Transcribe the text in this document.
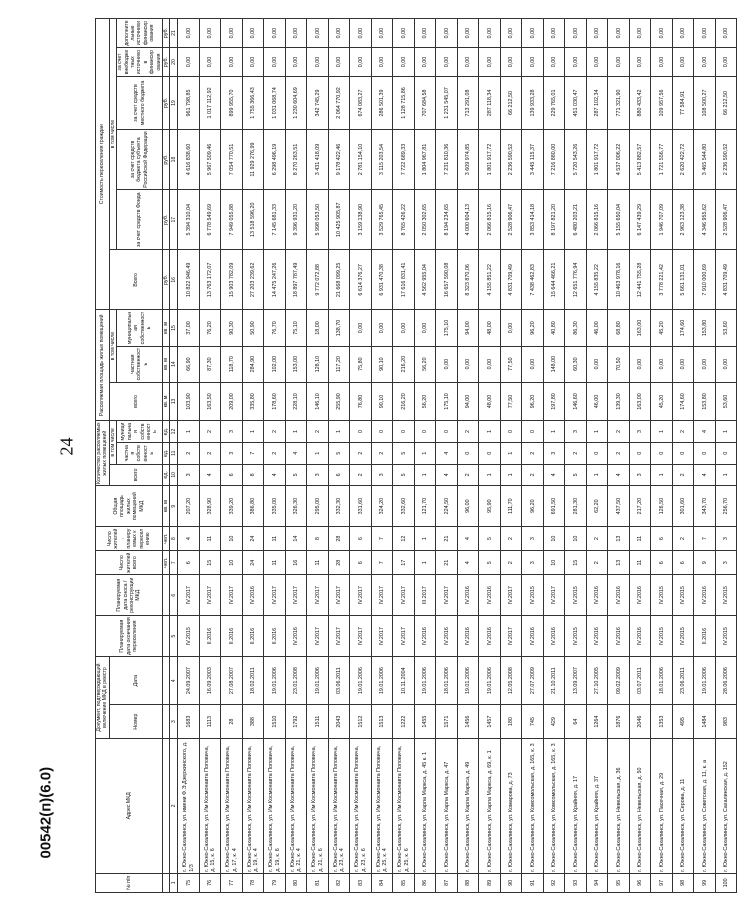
24
00542(п)(6.0)
№ п/п	Адрес МКД	Документ, подтверждающий включение МКД в реестр		Планируемая дата окончания переселения	Планируемая дата сноса / реконструкции МКД	Число жителей всего	Число жителей, планируемых к переселению	Общая площадь жилых помещений МКД	Количество расселяемых жилых помещений			Расселяемая площадь жилых помещений			Стоимость переселения граждан					
		Номер	Дата						всего	в том числе		всего	в том числе		Всего	в том числе				
										частная собственность	муниципальная собственность		частная собственность	муниципальная собственность		за счет средств Фонда	за счет средств бюджета субъекта Российской Федерации	за счет средств местного бюджета	за счет внебюджетных источников финансирования	дополнительные источники финансирования
						чел.	чел.	кв. м	ед.	ед.	ед.	кв. м	кв. м	кв. м	руб.	руб.	руб.	руб.	руб.	руб.
1	2	3	4	5	6	7	8	9	10	11	12	13	14	15	16	17	18	19	20	21
75	г. Южно-Сахалинск, ул. имени Ф.Э.Дзержинского, д. 1/3	1683	24.09.2007	IV.2015	IV.2017	6	4	207,20	3	2	1	103,90	66,90	37,00	10 822 946,49	5 394 310,04	4 616 838,60	961 798,85	0,00	0,00
76	г. Южно-Сахалинск, ул. Им Космонавта Поповича, д. 15, к. 6	1113	16.09.2003	II.2016	IV.2017	15	11	328,90	4	2	2	163,50	87,30	76,20	13 763 172,07	6 778 549,69	5 967 509,46	1 017 112,92	0,00	0,00
77	г. Южно-Сахалинск, ул. Им Космонавта Поповича, д. 17, к. 4	28	27.08.2007	II.2016	IV.2017	10	10	339,20	6	3	3	209,00	118,70	90,30	15 903 782,09	7 949 055,88	7 054 770,51	899 955,70	0,00	0,00
78	г. Южно-Сахалинск, ул. Им Космонавта Поповича, д. 19, к. 4	388	18.02.2011	II.2016	IV.2016	24	24	386,80	8	7	1	335,80	284,90	50,90	27 203 239,62	13 518 596,20	11 929 276,99	1 755 366,43	0,00	0,00
79	г. Южно-Сахалинск, ул. Им Космонавта Поповича, д. 19, к. 6	1510	19.01.2006	II.2016	IV.2017	11	11	335,00	4	2	2	178,60	102,00	76,70	14 475 247,26	7 145 681,33	6 298 496,19	1 031 068,74	0,00	0,00
80	г. Южно-Сахалинск, ул. Им Космонавта Поповича, д. 21, к. 4	1792	23.01.2008	IV.2016	IV.2017	16	14	326,30	5	4	1	228,10	153,00	75,10	18 897 787,49	9 396 931,20	8 270 263,51	1 230 604,69	0,00	0,00
81	г. Южно-Сахалинск, ул. Им Космонавта Поповича, д. 21, к. 6	1511	19.01.2006	IV.2017	IV.2017	11	8	295,00	3	1	2	146,10	128,10	18,00	9 772 072,88	5 998 053,50	3 431 418,09	342 745,29	0,00	0,00
82	г. Южно-Сахалинск, ул. Им Космонавта Поповича, д. 23, к. 4	2043	03.06.2011	IV.2017	IV.2017	28	28	332,30	6	5	1	255,90	117,20	138,70	21 668 099,25	10 425 905,87	9 178 422,46	2 064 770,92	0,00	0,00
83	г. Южно-Сахалинск, ул. Им Космонавта Поповича, д. 23, к. 6	1512	19.01.2006	IV.2017	IV.2017	6	6	331,60	2	2	0	76,80	75,80	0,00	6 614 376,27	3 159 138,90	2 781 154,10	674 083,27	0,00	0,00
84	г. Южно-Сахалинск, ул. Им Космонавта Поповича, д. 25, к. 4	1513	19.01.2006	IV.2017	IV.2017	7	7	324,20	3	2	0	90,10	90,10	0,00	6 931 470,38	3 529 765,45	3 115 203,54	286 501,39	0,00	0,00
85	г. Южно-Сахалинск, ул. Им Космонавта Поповича, д. 25, к. 6	1222	10.11.2004	IV.2017	IV.2017	17	12	332,60	5	5	0	216,20	216,20	0,00	17 616 831,41	8 765 426,22	7 722 689,33	1 128 715,86	0,00	0,00
86	г. Южно-Сахалинск, ул. Карла Маркса, д. 45 к. 1	1455	19.01.2006	IV.2016	III.2017	1	1	121,70	1	1	0	56,20	56,20	0,00	4 562 955,04	2 050 302,65	1 804 967,81	707 684,58	0,00	0,00
87	г. Южно-Сахалинск, ул. Карла Маркса, д. 47	1571	18.01.2006	IV.2016	IV.2017	21	21	224,50	4	4	0	175,10	0,00	175,10	16 657 590,08	8 194 234,65	7 231 810,36	1 231 545,07	0,00	0,00
88	г. Южно-Сахалинск, ул. Карла Маркса, д. 49	1456	19.01.2006	IV.2016	IV.2016	4	4	96,00	2	0	2	94,00	0,00	94,00	8 323 870,06	4 000 604,13	3 609 974,85	713 291,08	0,00	0,00
89	г. Южно-Сахалинск, ул. Карла Маркса, д. 69, к. 1	1457	19.01.2006	IV.2016	IV.2016	5	5	95,90	1	0	1	48,00	0,00	48,00	4 155 851,22	2 066 815,16	1 801 917,72	287 118,34	0,00	0,00
90	г. Южно-Сахалинск, ул. Комарова, д. 73	180	12.05.2008	IV.2017	IV.2017	2	2	111,70	1	1	0	77,50	77,50	0,00	4 831 709,49	2 528 906,47	2 236 590,52	66 212,50	0,00	0,00
91	г. Южно-Сахалинск, ул. Комсомольская, д. 165, к. 3	745	27.07.2009	IV.2016	IV.2015	3	3	96,20	2	2	0	96,20	0,00	96,20	7 438 462,83	3 853 414,18	3 445 115,37	139 933,28	0,00	0,00
92	г. Южно-Сахалинск, ул. Комсомольская, д. 165, к. 3	429	21.10.2011	IV.2016	IV.2017	10	10	691,50	4	3	1	197,80	148,00	40,80	15 644 466,21	8 197 821,20	7 216 880,00	229 765,01	0,00	0,00
93	г. Южно-Сахалинск, ул. Крайняя, д. 17	64	13.09.2007	IV.2015	IV.2015	15	10	281,30	5	2	3	146,60	60,30	86,30	12 651 776,94	6 480 203,21	5 720 543,26	451 030,47	0,00	0,00
94	г. Южно-Сахалинск, ул. Крайняя, д. 37	1264	27.10.2005	IV.2016	IV.2016	2	2	62,20	1	0	1	46,00	0,00	46,00	4 155 835,22	2 066 815,16	1 801 917,72	287 102,34	0,00	0,00
95	г. Южно-Сахалинск, ул. Невельская, д. 36	1876	09.02.2009	IV.2016	IV.2016	13	13	437,50	4	2	2	139,30	70,50	68,80	10 463 978,16	5 155 650,04	4 537 006,22	771 321,90	0,00	0,00
96	г. Южно-Сахалинск, ул. Невельская, д. 50	2046	03.07.2011	IV.2016	IV.2016	11	11	217,20	3	0	3	163,00	0,00	163,00	12 441 755,28	6 147 439,29	5 413 882,57	880 433,42	0,00	0,00
97	г. Южно-Сахалинск, ул. Пасечная, д. 29	1353	18.01.2006	IV.2015	IV.2015	6	6	126,50	1	0	1	45,20	0,00	45,20	3 778 221,42	1 946 707,09	1 721 556,77	109 957,56	0,00	0,00
98	г. Южно-Сахалинск, ул. Серова, д. 11	495	23.06.2011	IV.2015	IV.2015	6	2	301,60	2	0	2	174,60	0,00	174,60	5 661 131,01	2 963 123,38	2 620 422,72	77 584,91	0,00	0,00
99	г. Южно-Сахалинск, ул. Советская, д. 11, к. а	1484	19.01.2006	II.2016	IV.2016	9	7	343,70	4	0	4	153,80	0,00	153,80	7 910 000,69	4 346 955,62	3 465 544,80	108 500,27	0,00	0,00
100	г. Южно-Сахалинск, ул. Сахалинская, д. 152	983	28.06.2006	IV.2015	IV.2015	3	3	256,70	1	0	1	53,60	0,00	53,60	4 831 709,49	2 528 906,47	2 236 590,52	66 212,50	0,00	0,00
